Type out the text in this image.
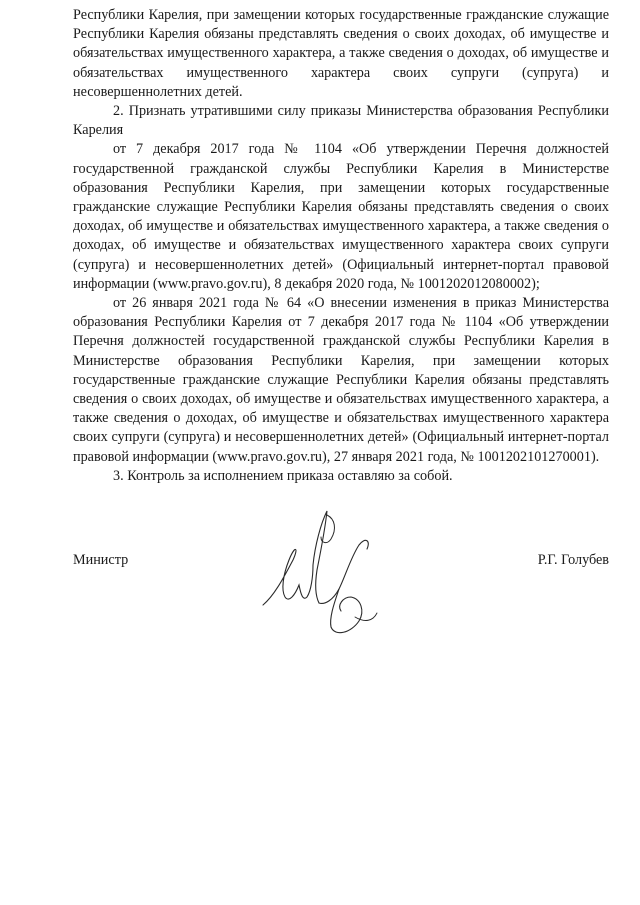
Республики Карелия, при замещении которых государственные гражданские служащие Республики Карелия обязаны представлять сведения о своих доходах, об имуществе и обязательствах имущественного характера, а также сведения о доходах, об имуществе и обязательствах имущественного характера своих супруги (супруга) и несовершеннолетних детей.

2. Признать утратившими силу приказы Министерства образования Республики Карелия

от 7 декабря 2017 года № 1104 «Об утверждении Перечня должностей государственной гражданской службы Республики Карелия в Министерстве образования Республики Карелия, при замещении которых государственные гражданские служащие Республики Карелия обязаны представлять сведения о своих доходах, об имуществе и обязательствах имущественного характера, а также сведения о доходах, об имуществе и обязательствах имущественного характера своих супруги (супруга) и несовершеннолетних детей» (Официальный интернет-портал правовой информации (www.pravo.gov.ru), 8 декабря 2020 года, № 1001202012080002);

от 26 января 2021 года № 64 «О внесении изменения в приказ Министерства образования Республики Карелия от 7 декабря 2017 года № 1104 «Об утверждении Перечня должностей государственной гражданской службы Республики Карелия в Министерстве образования Республики Карелия, при замещении которых государственные гражданские служащие Республики Карелия обязаны представлять сведения о своих доходах, об имуществе и обязательствах имущественного характера, а также сведения о доходах, об имуществе и обязательствах имущественного характера своих супруги (супруга) и несовершеннолетних детей» (Официальный интернет-портал правовой информации (www.pravo.gov.ru), 27 января 2021 года, № 1001202101270001).

3. Контроль за исполнением приказа оставляю за собой.

Министр	Р.Г. Голубев
